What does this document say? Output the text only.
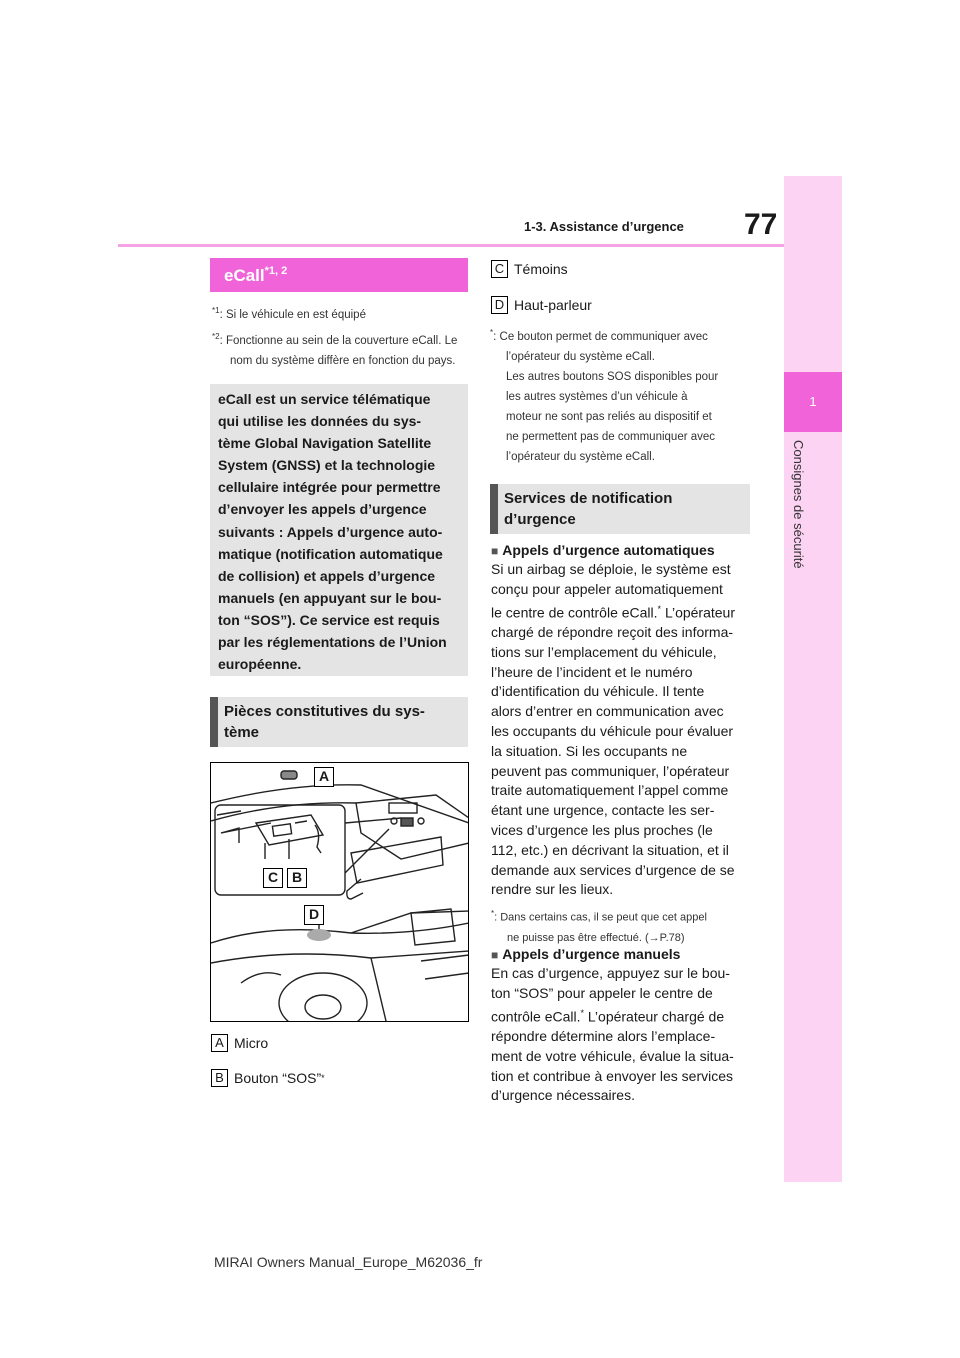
1-3. Assistance d’urgence 77
1
Consignes de sécurité
eCall$^{*1, 2}$
$^{*1}$: Si le véhicule en est équipé
$^{*2}$: Fonctionne au sein de la couverture eCall. Le nom du système diffère en fonction du pays.
eCall est un service télématique
qui utilise les données du sys-
tème Global Navigation Satellite
System (GNSS) et la technologie
cellulaire intégrée pour permettre
d’envoyer les appels d’urgence
suivants : Appels d’urgence auto-
matique (notification automatique
de collision) et appels d’urgence
manuels (en appuyant sur le bou-
ton “SOS”). Ce service est requis
par les réglementations de l’Union
européenne.
Pièces constitutives du sys-
tème
A
C B
D
A Micro
B Bouton “SOS” *
C Témoins
D Haut-parleur
*: Ce bouton permet de communiquer avec
l’opérateur du système eCall.
Les autres boutons SOS disponibles pour
les autres systèmes d’un véhicule à
moteur ne sont pas reliés au dispositif et
ne permettent pas de communiquer avec
l’opérateur du système eCall.
Services de notification
d’urgence
■ Appels d’urgence automatiques
Si un airbag se déploie, le système est
conçu pour appeler automatiquement
le centre de contrôle eCall.* L’opérateur
chargé de répondre reçoit des informa-
tions sur l’emplacement du véhicule,
l’heure de l’incident et le numéro
d’identification du véhicule. Il tente
alors d’entrer en communication avec
les occupants du véhicule pour évaluer
la situation. Si les occupants ne
peuvent pas communiquer, l’opérateur
traite automatiquement l’appel comme
étant une urgence, contacte les ser-
vices d’urgence les plus proches (le
112, etc.) en décrivant la situation, et il
demande aux services d’urgence de se
rendre sur les lieux.
*: Dans certains cas, il se peut que cet appel
ne puisse pas être effectué. (→P.78)
■ Appels d’urgence manuels
En cas d’urgence, appuyez sur le bou-
ton “SOS” pour appeler le centre de
contrôle eCall.* L’opérateur chargé de
répondre détermine alors l’emplace-
ment de votre véhicule, évalue la situa-
tion et contribue à envoyer les services
d’urgence nécessaires.
MIRAI Owners Manual_Europe_M62036_fr
